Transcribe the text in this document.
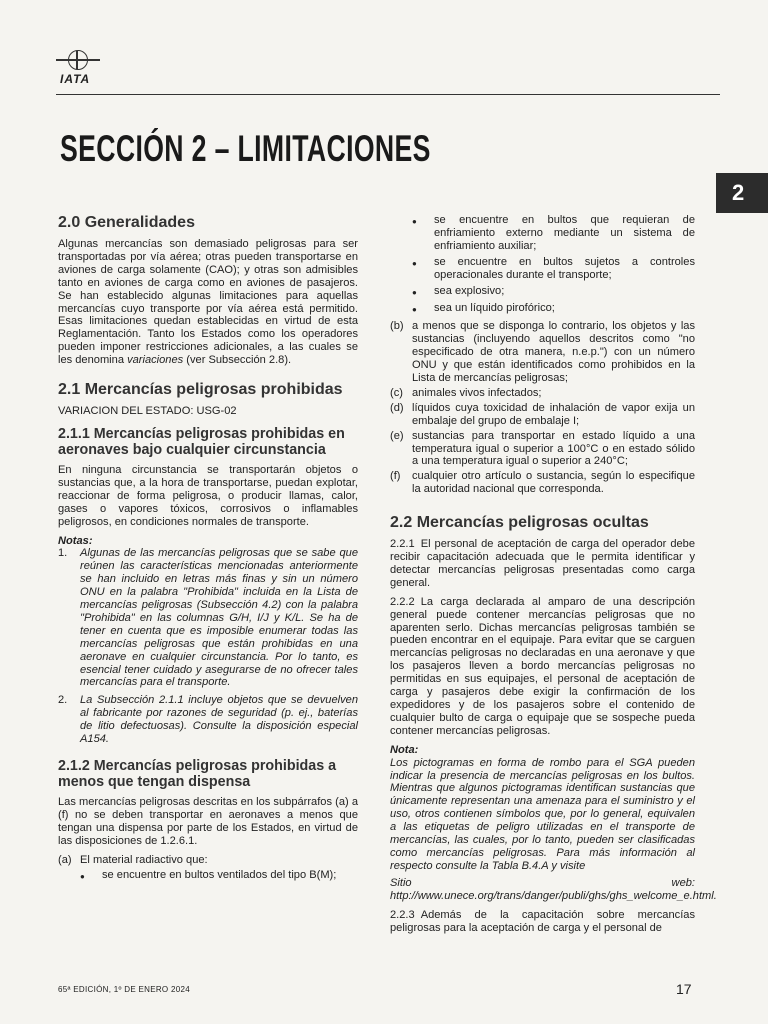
IATA
SECCIÓN 2 – LIMITACIONES
2
2.0 Generalidades

Algunas mercancías son demasiado peligrosas para ser transportadas por vía aérea; otras pueden transportarse en aviones de carga solamente (CAO); y otras son admisibles tanto en aviones de carga como en aviones de pasajeros. Se han establecido algunas limitaciones para aquellas mercancías cuyo transporte por vía aérea está permitido. Esas limitaciones quedan establecidas en virtud de esta Reglamentación. Tanto los Estados como los operadores pueden imponer restricciones adicionales, a las cuales se les denomina variaciones (ver Subsección 2.8).

2.1 Mercancías peligrosas prohibidas

VARIACION DEL ESTADO: USG-02

2.1.1 Mercancías peligrosas prohibidas en aeronaves bajo cualquier circunstancia

En ninguna circunstancia se transportarán objetos o sustancias que, a la hora de transportarse, puedan explotar, reaccionar de forma peligrosa, o producir llamas, calor, gases o vapores tóxicos, corrosivos o inflamables peligrosos, en condiciones normales de transporte.

Notas:
1.	Algunas de las mercancías peligrosas que se sabe que reúnen las características mencionadas anteriormente se han incluido en letras más finas y sin un número ONU en la palabra "Prohibida" incluida en la Lista de mercancías peligrosas (Subsección 4.2) con la palabra "Prohibida" en las columnas G/H, I/J y K/L. Se ha de tener en cuenta que es imposible enumerar todas las mercancías peligrosas que están prohibidas en una aeronave en cualquier circunstancia. Por lo tanto, es esencial tener cuidado y asegurarse de no ofrecer tales mercancías para el transporte.
2.	La Subsección 2.1.1 incluye objetos que se devuelven al fabricante por razones de seguridad (p. ej., baterías de litio defectuosas). Consulte la disposición especial A154.
2.1.2 Mercancías peligrosas prohibidas a menos que tengan dispensa

Las mercancías peligrosas descritas en los subpárrafos (a) a (f) no se deben transportar en aeronaves a menos que tengan una dispensa por parte de los Estados, en virtud de las disposiciones de 1.2.6.1.

(a) El material radiactivo que:
●	se encuentre en bultos ventilados del tipo B(M);
●	se encuentre en bultos que requieran de enfriamiento externo mediante un sistema de enfriamiento auxiliar;
●	se encuentre en bultos sujetos a controles operacionales durante el transporte;
●	sea explosivo;
●	sea un líquido pirofórico;
(b) a menos que se disponga lo contrario, los objetos y las sustancias (incluyendo aquellos descritos como "no especificado de otra manera, n.e.p.") con un número ONU y que están identificados como prohibidos en la Lista de mercancías peligrosas;
(c) animales vivos infectados;
(d) líquidos cuya toxicidad de inhalación de vapor exija un embalaje del grupo de embalaje I;
(e) sustancias para transportar en estado líquido a una temperatura igual o superior a 100°C o en estado sólido a una temperatura igual o superior a 240°C;
(f)	cualquier otro artículo o sustancia, según lo especifique la autoridad nacional que corresponda.
2.2 Mercancías peligrosas ocultas

2.2.1 El personal de aceptación de carga del operador debe recibir capacitación adecuada que le permita identificar y detectar mercancías peligrosas presentadas como carga general.

2.2.2 La carga declarada al amparo de una descripción general puede contener mercancías peligrosas que no aparenten serlo. Dichas mercancías peligrosas también se pueden encontrar en el equipaje. Para evitar que se carguen mercancías peligrosas no declaradas en una aeronave y que los pasajeros lleven a bordo mercancías peligrosas no permitidas en sus equipajes, el personal de aceptación de carga y pasajeros debe exigir la confirmación de los expedidores y de los pasajeros sobre el contenido de cualquier bulto de carga o equipaje que se sospeche pueda contener mercancías peligrosas.

Nota:

Los pictogramas en forma de rombo para el SGA pueden indicar la presencia de mercancías peligrosas en los bultos. Mientras que algunos pictogramas identifican sustancias que únicamente representan una amenaza para el suministro y el uso, otros contienen símbolos que, por lo general, equivalen a las etiquetas de peligro utilizadas en el transporte de mercancías, las cuales, por lo tanto, pueden ser clasificadas como mercancías peligrosas. Para más información al respecto consulte la Tabla B.4.A y visite

Sitio web: http://www.unece.org/trans/danger/publi/ghs/ghs_welcome_e.html.

2.2.3 Además de la capacitación sobre mercancías peligrosas para la aceptación de carga y el personal de

65ª EDICIÓN, 1º DE ENERO 2024	17
